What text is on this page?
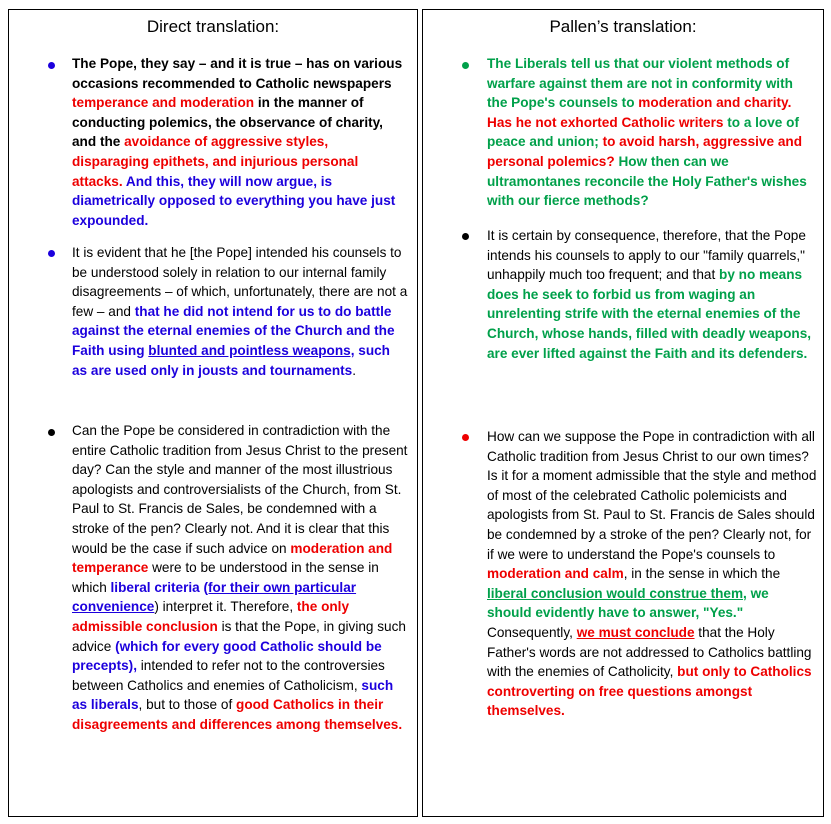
Direct translation:
The Pope, they say – and it is true – has on various occasions recommended to Catholic newspapers temperance and moderation in the manner of conducting polemics, the observance of charity, and the avoidance of aggressive styles, disparaging epithets, and injurious personal attacks. And this, they will now argue, is diametrically opposed to everything you have just expounded.
It is evident that he [the Pope] intended his counsels to be understood solely in relation to our internal family disagreements – of which, unfortunately, there are not a few – and that he did not intend for us to do battle against the eternal enemies of the Church and the Faith using blunted and pointless weapons, such as are used only in jousts and tournaments.
Can the Pope be considered in contradiction with the entire Catholic tradition from Jesus Christ to the present day? Can the style and manner of the most illustrious apologists and controversialists of the Church, from St. Paul to St. Francis de Sales, be condemned with a stroke of the pen? Clearly not. And it is clear that this would be the case if such advice on moderation and temperance were to be understood in the sense in which liberal criteria (for their own particular convenience) interpret it. Therefore, the only admissible conclusion is that the Pope, in giving such advice (which for every good Catholic should be precepts), intended to refer not to the controversies between Catholics and enemies of Catholicism, such as liberals, but to those of good Catholics in their disagreements and differences among themselves.
Pallen’s translation:
The Liberals tell us that our violent methods of warfare against them are not in conformity with the Pope's counsels to moderation and charity. Has he not exhorted Catholic writers to a love of peace and union; to avoid harsh, aggressive and personal polemics? How then can we ultramontanes reconcile the Holy Father's wishes with our fierce methods?
It is certain by consequence, therefore, that the Pope intends his counsels to apply to our "family quarrels," unhappily much too frequent; and that by no means does he seek to forbid us from waging an unrelenting strife with the eternal enemies of the Church, whose hands, filled with deadly weapons, are ever lifted against the Faith and its defenders.
How can we suppose the Pope in contradiction with all Catholic tradition from Jesus Christ to our own times? Is it for a moment admissible that the style and method of most of the celebrated Catholic polemicists and apologists from St. Paul to St. Francis de Sales should be condemned by a stroke of the pen? Clearly not, for if we were to understand the Pope's counsels to moderation and calm, in the sense in which the liberal conclusion would construe them, we should evidently have to answer, "Yes." Consequently, we must conclude that the Holy Father's words are not addressed to Catholics battling with the enemies of Catholicity, but only to Catholics controverting on free questions amongst themselves.
